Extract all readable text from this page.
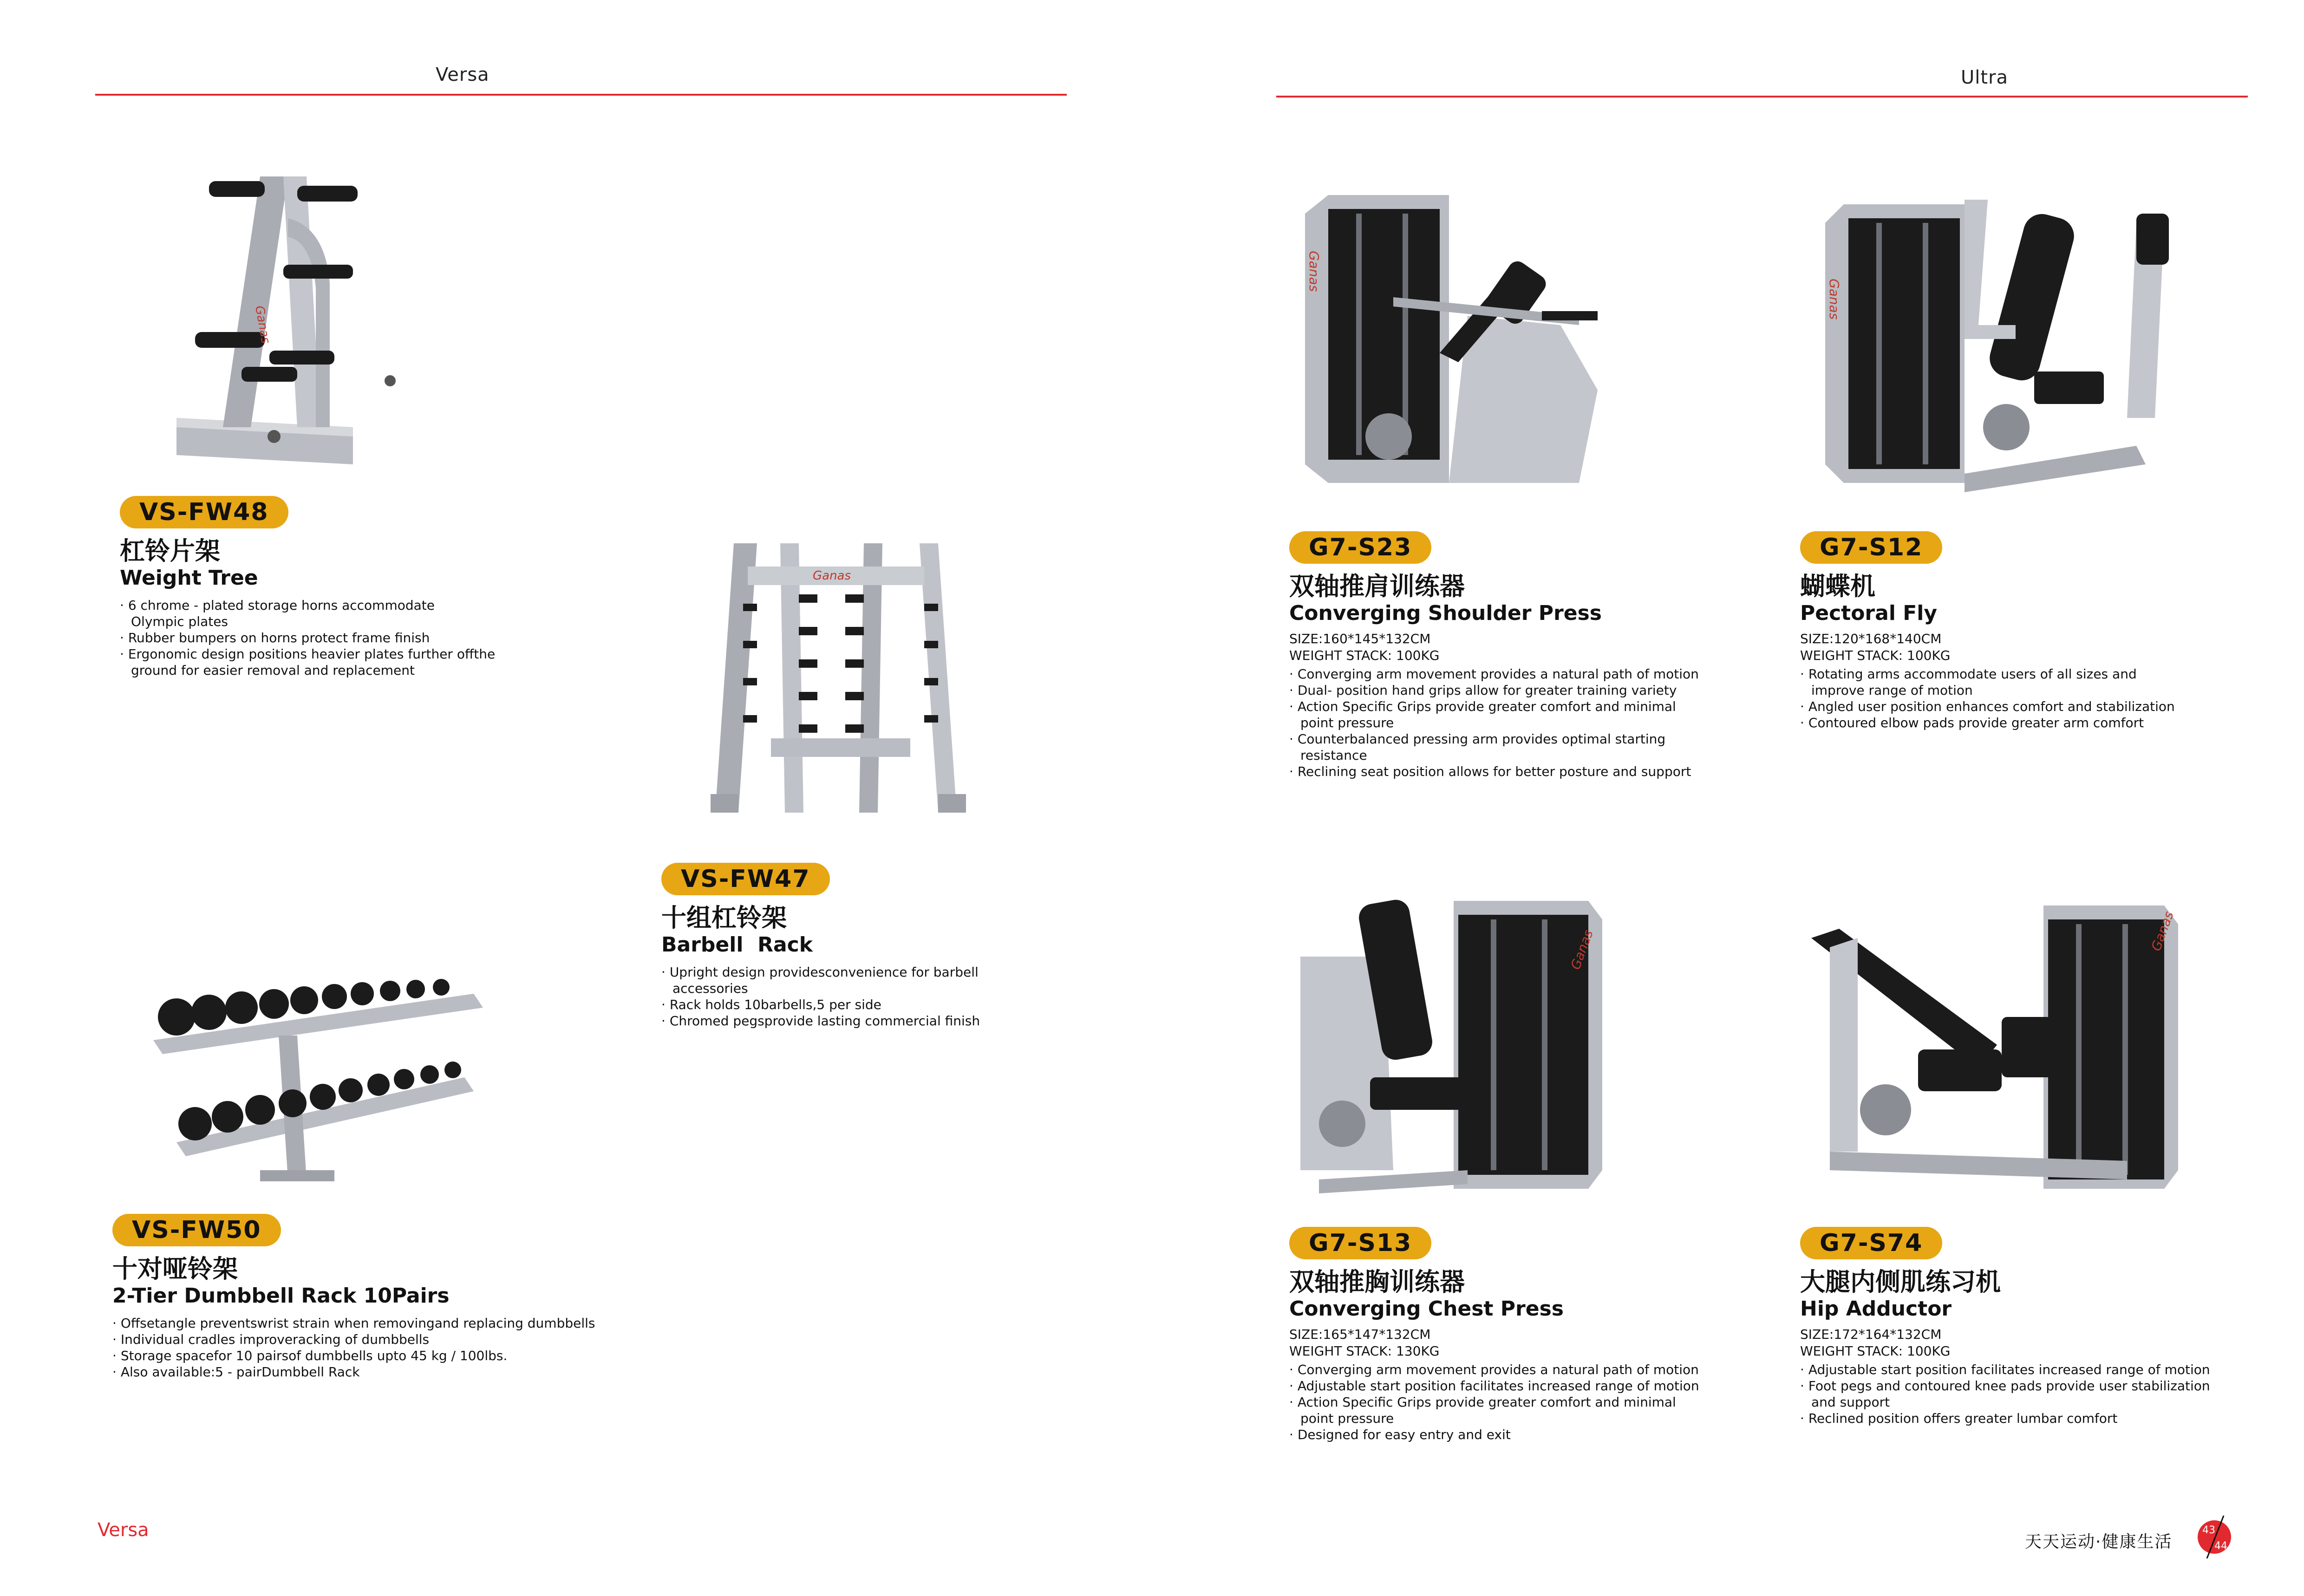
Versa	Ultra
Ganas
Ganas
Ganas
Ganas
Ganas	Ganas
VS-FW48
杠铃片架
Weight Tree
· 6 chrome - plated storage horns accommodate
Olympic plates
· Rubber bumpers on horns protect frame finish
· Ergonomic design positions heavier plates further offthe
ground for easier removal and replacement
VS-FW47
十组杠铃架
Barbell  Rack
· Upright design providesconvenience for barbell
accessories
· Rack holds 10barbells,5 per side
· Chromed pegsprovide lasting commercial finish
VS-FW50
十对哑铃架
2-Tier Dumbbell Rack 10Pairs
· Offsetangle preventswrist strain when removingand replacing dumbbells
· Individual cradles improveracking of dumbbells
· Storage spacefor 10 pairsof dumbbells upto 45 kg / 100lbs.
· Also available:5 - pairDumbbell Rack
G7-S23
双轴推肩训练器
Converging Shoulder Press
SIZE:160*145*132CM
WEIGHT STACK: 100KG
· Converging arm movement provides a natural path of motion
· Dual- position hand grips allow for greater training variety
· Action Specific Grips provide greater comfort and minimal
point pressure
· Counterbalanced pressing arm provides optimal starting
resistance
· Reclining seat position allows for better posture and support
G7-S12
蝴蝶机
Pectoral Fly
SIZE:120*168*140CM
WEIGHT STACK: 100KG
· Rotating arms accommodate users of all sizes and
improve range of motion
· Angled user position enhances comfort and stabilization
· Contoured elbow pads provide greater arm comfort
G7-S13
双轴推胸训练器
Converging Chest Press
SIZE:165*147*132CM
WEIGHT STACK: 130KG
· Converging arm movement provides a natural path of motion
· Adjustable start position facilitates increased range of motion
· Action Specific Grips provide greater comfort and minimal
point pressure
· Designed for easy entry and exit
G7-S74
大腿内侧肌练习机
Hip Adductor
SIZE:172*164*132CM
WEIGHT STACK: 100KG
· Adjustable start position facilitates increased range of motion
· Foot pegs and contoured knee pads provide user stabilization
and support
· Reclined position offers greater lumbar comfort
Versa
天天运动·健康生活
43
44
